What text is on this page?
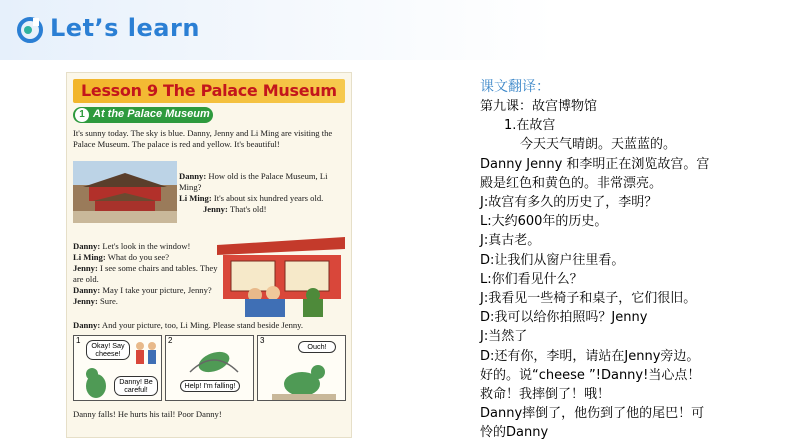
Let’s learn
Lesson 9 The Palace Museum
1 At the Palace Museum
It's sunny today. The sky is blue. Danny, Jenny and Li Ming are visiting the Palace Museum. The palace is red and yellow. It's beautiful!
Danny: How old is the Palace Museum, Li Ming?
Li Ming: It's about six hundred years old.
Jenny: That's old!
Danny: Let's look in the window!
Li Ming: What do you see?
Jenny: I see some chairs and tables. They are old.
Danny: May I take your picture, Jenny?
Jenny: Sure.
Danny: And your picture, too, Li Ming. Please stand beside Jenny.
1
Okay! Say cheese!
Danny! Be careful!
2
Help! I'm falling!
3
Ouch!
Danny falls! He hurts his tail! Poor Danny!
课文翻译：
第九课：故宫博物馆
1.在故宫
今天天气晴朗。天蓝蓝的。
Danny Jenny 和李明正在浏览故宫。宫
殿是红色和黄色的。非常漂亮。
J:故宫有多久的历史了，李明？
L:大约600年的历史。
J:真古老。
D:让我们从窗户往里看。
L:你们看见什么？
J:我看见一些椅子和桌子，它们很旧。
D:我可以给你拍照吗？Jenny
J:当然了
D:还有你，李明，请站在Jenny旁边。
好的。说“cheese ”!Danny!当心点！
救命！我摔倒了！哦！
Danny摔倒了，他伤到了他的尾巴！可
怜的Danny
